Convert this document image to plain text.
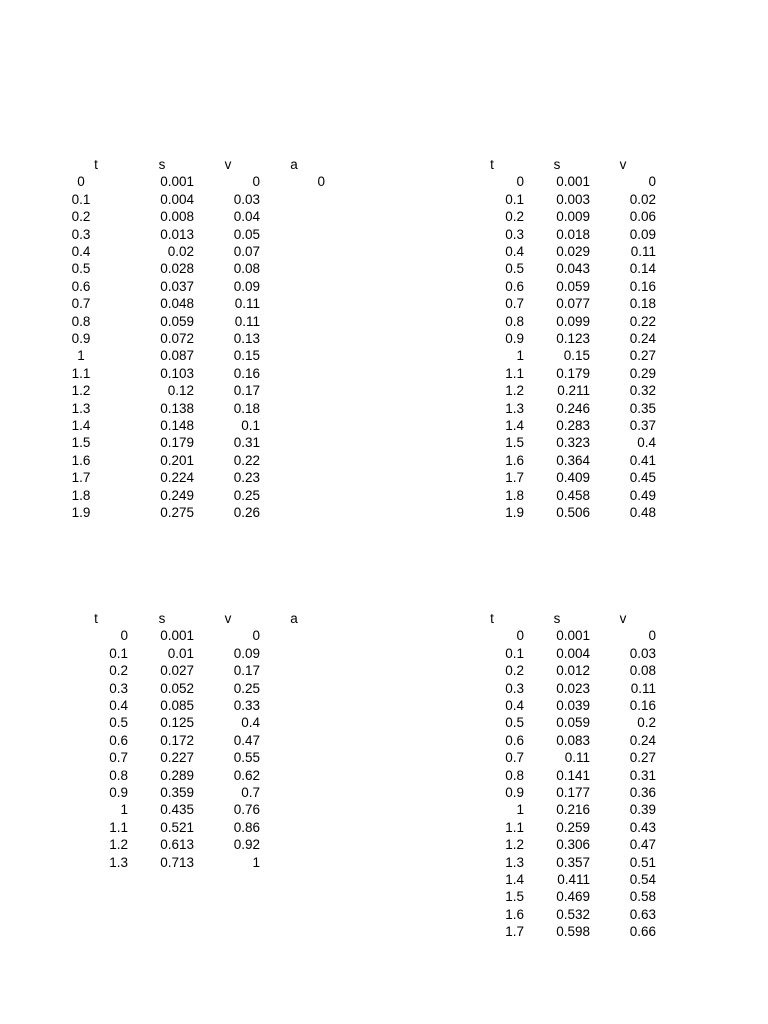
t	s	v	a
0	0.001	0	0
0.1	0.004	0.03
0.2	0.008	0.04
0.3	0.013	0.05
0.4	0.02	0.07
0.5	0.028	0.08
0.6	0.037	0.09
0.7	0.048	0.11
0.8	0.059	0.11
0.9	0.072	0.13
1	0.087	0.15
1.1	0.103	0.16
1.2	0.12	0.17
1.3	0.138	0.18
1.4	0.148	0.1
1.5	0.179	0.31
1.6	0.201	0.22
1.7	0.224	0.23
1.8	0.249	0.25
1.9	0.275	0.26
t	s	v
0	0.001	0
0.1	0.003	0.02
0.2	0.009	0.06
0.3	0.018	0.09
0.4	0.029	0.11
0.5	0.043	0.14
0.6	0.059	0.16
0.7	0.077	0.18
0.8	0.099	0.22
0.9	0.123	0.24
1	0.15	0.27
1.1	0.179	0.29
1.2	0.211	0.32
1.3	0.246	0.35
1.4	0.283	0.37
1.5	0.323	0.4
1.6	0.364	0.41
1.7	0.409	0.45
1.8	0.458	0.49
1.9	0.506	0.48
t	s	v	a
0	0.001	0
0.1	0.01	0.09
0.2	0.027	0.17
0.3	0.052	0.25
0.4	0.085	0.33
0.5	0.125	0.4
0.6	0.172	0.47
0.7	0.227	0.55
0.8	0.289	0.62
0.9	0.359	0.7
1	0.435	0.76
1.1	0.521	0.86
1.2	0.613	0.92
1.3	0.713	1
t	s	v
0	0.001	0
0.1	0.004	0.03
0.2	0.012	0.08
0.3	0.023	0.11
0.4	0.039	0.16
0.5	0.059	0.2
0.6	0.083	0.24
0.7	0.11	0.27
0.8	0.141	0.31
0.9	0.177	0.36
1	0.216	0.39
1.1	0.259	0.43
1.2	0.306	0.47
1.3	0.357	0.51
1.4	0.411	0.54
1.5	0.469	0.58
1.6	0.532	0.63
1.7	0.598	0.66
